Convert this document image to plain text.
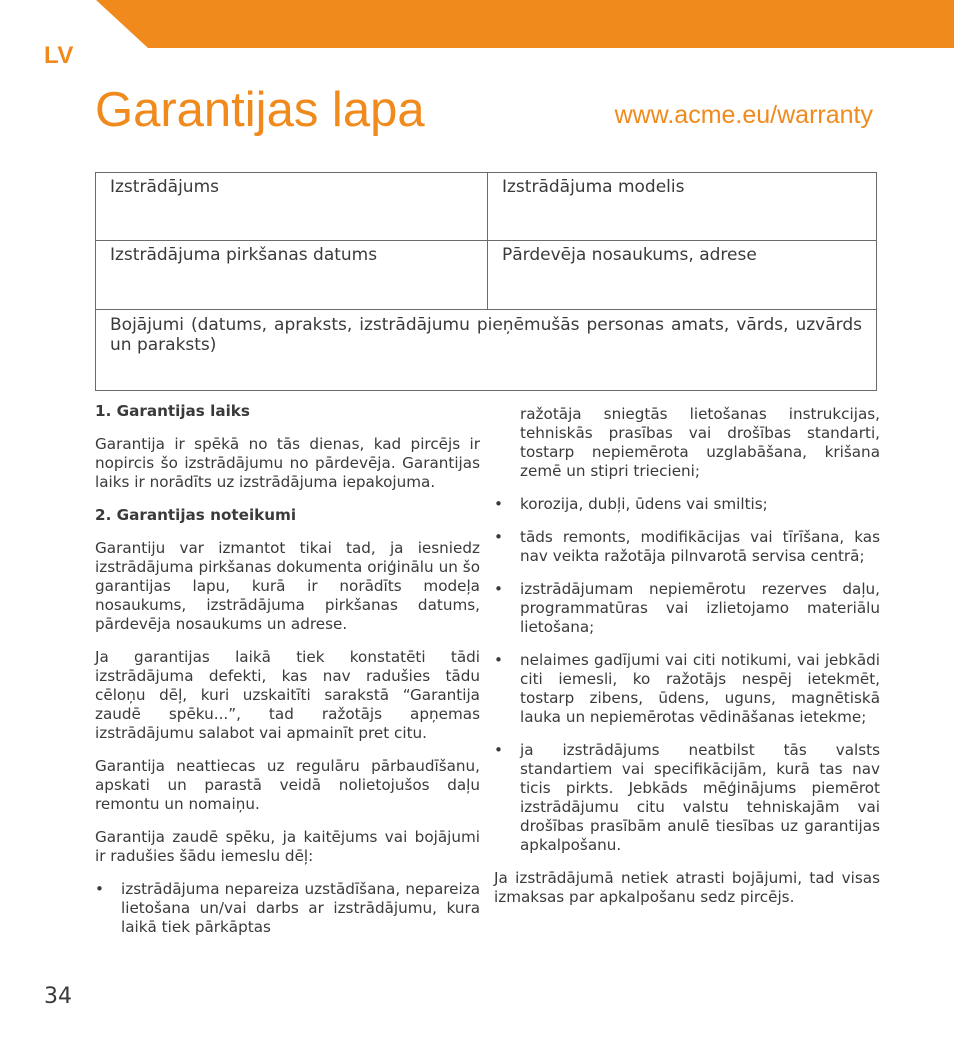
LV
Garantijas lapa	www.acme.eu/warranty
Izstrādājums	Izstrādājuma modelis
Izstrādājuma pirkšanas datums	Pārdevēja nosaukums, adrese
Bojājumi (datums, apraksts, izstrādājumu pieņēmušās personas amats, vārds, uzvārds un paraksts)
1. Garantijas laiks

Garantija ir spēkā no tās dienas, kad pircējs ir nopircis šo izstrādājumu no pārdevēja. Garantijas laiks ir norādīts uz izstrādājuma iepakojuma.

2. Garantijas noteikumi

Garantiju var izmantot tikai tad, ja iesniedz izstrādājuma pirkšanas dokumenta oriģinālu un šo garantijas lapu, kurā ir norādīts modeļa nosaukums, izstrādājuma pirkšanas datums, pārdevēja nosaukums un adrese.

Ja garantijas laikā tiek konstatēti tādi izstrādājuma defekti, kas nav radušies tādu cēloņu dēļ, kuri uzskaitīti sarakstā “Garantija zaudē spēku...”, tad ražotājs apņemas izstrādājumu salabot vai apmainīt pret citu.

Garantija neattiecas uz regulāru pārbaudīšanu, apskati un parastā veidā nolietojušos daļu remontu un nomaiņu.

Garantija zaudē spēku, ja kaitējums vai bojājumi ir radušies šādu iemeslu dēļ:

• izstrādājuma nepareiza uzstādīšana, nepareiza lietošana un/vai darbs ar izstrādājumu, kura laikā tiek pārkāptas

ražotāja sniegtās lietošanas instrukcijas, tehniskās prasības vai drošības standarti, tostarp nepiemērota uzglabāšana, krišana zemē un stipri triecieni;

• korozija, dubļi, ūdens vai smiltis;
• tāds remonts, modifikācijas vai tīrīšana, kas nav veikta ražotāja pilnvarotā servisa centrā;
• izstrādājumam nepiemērotu rezerves daļu, programmatūras vai izlietojamo materiālu lietošana;
• nelaimes gadījumi vai citi notikumi, vai jebkādi citi iemesli, ko ražotājs nespēj ietekmēt, tostarp zibens, ūdens, uguns, magnētiskā lauka un nepiemērotas vēdināšanas ietekme;
• ja izstrādājums neatbilst tās valsts standartiem vai specifikācijām, kurā tas nav ticis pirkts. Jebkāds mēģinājums piemērot izstrādājumu citu valstu tehniskajām vai drošības prasībām anulē tiesības uz garantijas apkalpošanu.

Ja izstrādājumā netiek atrasti bojājumi, tad visas izmaksas par apkalpošanu sedz pircējs.

34
